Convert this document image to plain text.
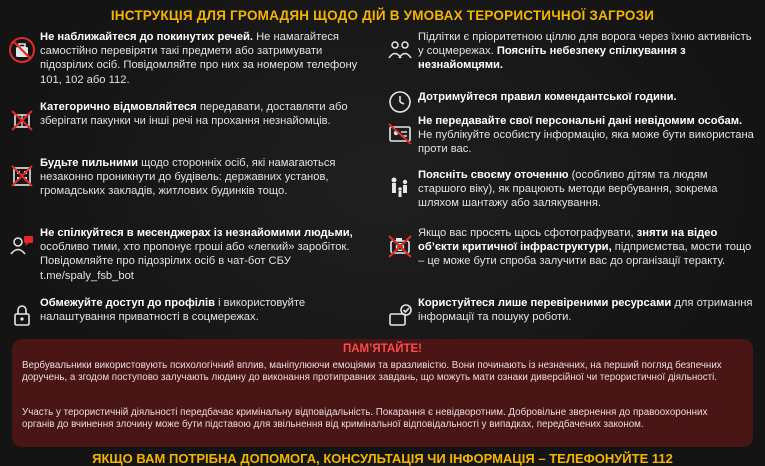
ІНСТРУКЦІЯ ДЛЯ ГРОМАДЯН ЩОДО ДІЙ В УМОВАХ ТЕРОРИСТИЧНОЇ ЗАГРОЗИ
Не наближайтеся до покинутих речей. Не намагайтеся самостійно перевіряти такі предмети або затримувати підозрілих осіб. Повідомляйте про них за номером телефону 101, 102 або 112.
Категорично відмовляйтеся передавати, доставляти або зберігати пакунки чи інші речі на прохання незнайомців.
Будьте пильними щодо сторонніх осіб, які намагаються незаконно проникнути до будівель: державних установ, громадських закладів, житлових будинків тощо.
Не спілкуйтеся в месенджерах із незнайомими людьми, особливо тими, хто пропонує гроші або «легкий» заробіток. Повідомляйте про підозрілих осіб в чат-бот СБУ t.me/spaly_fsb_bot
Обмежуйте доступ до профілів і використовуйте налаштування приватності в соцмережах.
Підлітки є пріоритетною ціллю для ворога через їхню активність у соцмережах. Поясніть небезпеку спілкування з незнайомцями.
Дотримуйтеся правил комендантської години.
Не передавайте свої персональні дані невідомим особам. Не публікуйте особисту інформацію, яка може бути використана проти вас.
Поясніть своєму оточенню (особливо дітям та людям старшого віку), як працюють методи вербування, зокрема шляхом шантажу або залякування.
Якщо вас просять щось сфотографувати, зняти на відео об’єкти критичної інфраструктури, підприємства, мости тощо – це може бути спроба залучити вас до організації теракту.
Користуйтеся лише перевіреними ресурсами для отримання інформації та пошуку роботи.
ПАМ’ЯТАЙТЕ!

Вербувальники використовують психологічний вплив, маніпулюючи емоціями та вразливістю. Вони починають із незначних, на перший погляд безпечних доручень, а згодом поступово залучають людину до виконання протиправних завдань, що можуть мати ознаки диверсійної чи терористичної діяльності.

Участь у терористичній діяльності передбачає кримінальну відповідальність. Покарання є невідворотним. Добровільне звернення до правоохоронних органів до вчинення злочину може бути підставою для звільнення від кримінальної відповідальності у випадках, передбачених законом.

ЯКЩО ВАМ ПОТРІБНА ДОПОМОГА, КОНСУЛЬТАЦІЯ ЧИ ІНФОРМАЦІЯ – ТЕЛЕФОНУЙТЕ 112
